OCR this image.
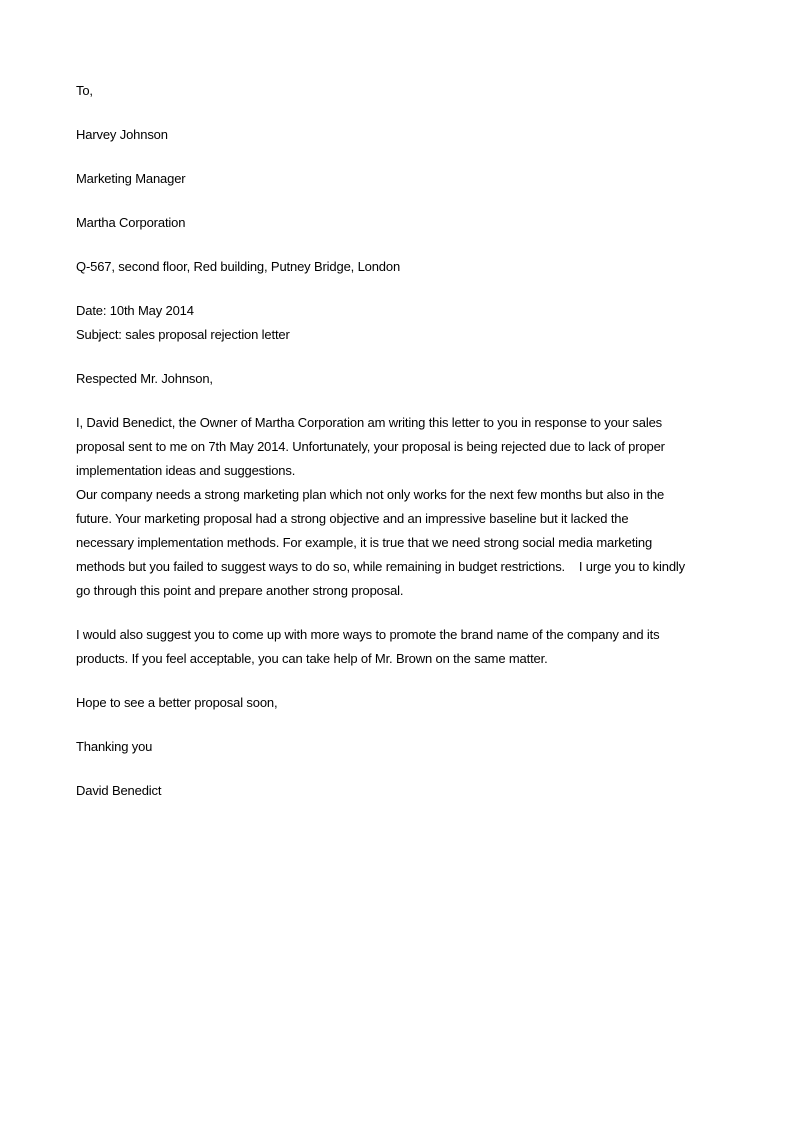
To,
Harvey Johnson
Marketing Manager
Martha Corporation
Q-567, second floor, Red building, Putney Bridge, London
Date: 10th May 2014
Subject: sales proposal rejection letter
Respected Mr. Johnson,
I, David Benedict, the Owner of Martha Corporation am writing this letter to you in response to your sales
proposal sent to me on 7th May 2014. Unfortunately, your proposal is being rejected due to lack of proper
implementation ideas and suggestions.
Our company needs a strong marketing plan which not only works for the next few months but also in the
future. Your marketing proposal had a strong objective and an impressive baseline but it lacked the
necessary implementation methods. For example, it is true that we need strong social media marketing
methods but you failed to suggest ways to do so, while remaining in budget restrictions.    I urge you to kindly
go through this point and prepare another strong proposal.
I would also suggest you to come up with more ways to promote the brand name of the company and its
products. If you feel acceptable, you can take help of Mr. Brown on the same matter.
Hope to see a better proposal soon,
Thanking you
David Benedict
